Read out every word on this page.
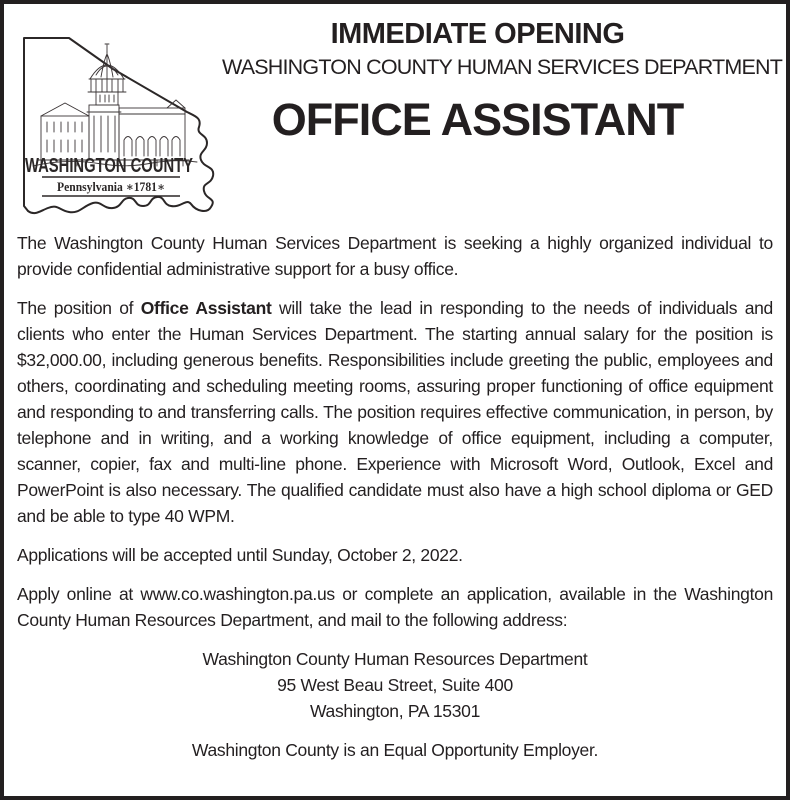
WASHINGTON COUNTY
Pennsylvania ∗1781∗
IMMEDIATE OPENING
WASHINGTON COUNTY HUMAN SERVICES DEPARTMENT
OFFICE ASSISTANT

The Washington County Human Services Department is seeking a highly organized individual to provide confidential administrative support for a busy office.

The position of Office Assistant will take the lead in responding to the needs of individuals and clients who enter the Human Services Department. The starting annual salary for the position is $32,000.00, including generous benefits. Responsibilities include greeting the public, employees and others, coordinating and scheduling meeting rooms, assuring proper functioning of office equipment and responding to and transferring calls. The position requires effective communication, in person, by telephone and in writing, and a working knowledge of office equipment, including a computer, scanner, copier, fax and multi-line phone. Experience with Microsoft Word, Outlook, Excel and PowerPoint is also necessary. The qualified candidate must also have a high school diploma or GED and be able to type 40 WPM.

Applications will be accepted until Sunday, October 2, 2022.

Apply online at www.co.washington.pa.us or complete an application, available in the Washington County Human Resources Department, and mail to the following address:

Washington County Human Resources Department
95 West Beau Street, Suite 400
Washington, PA 15301
Washington County is an Equal Opportunity Employer.
